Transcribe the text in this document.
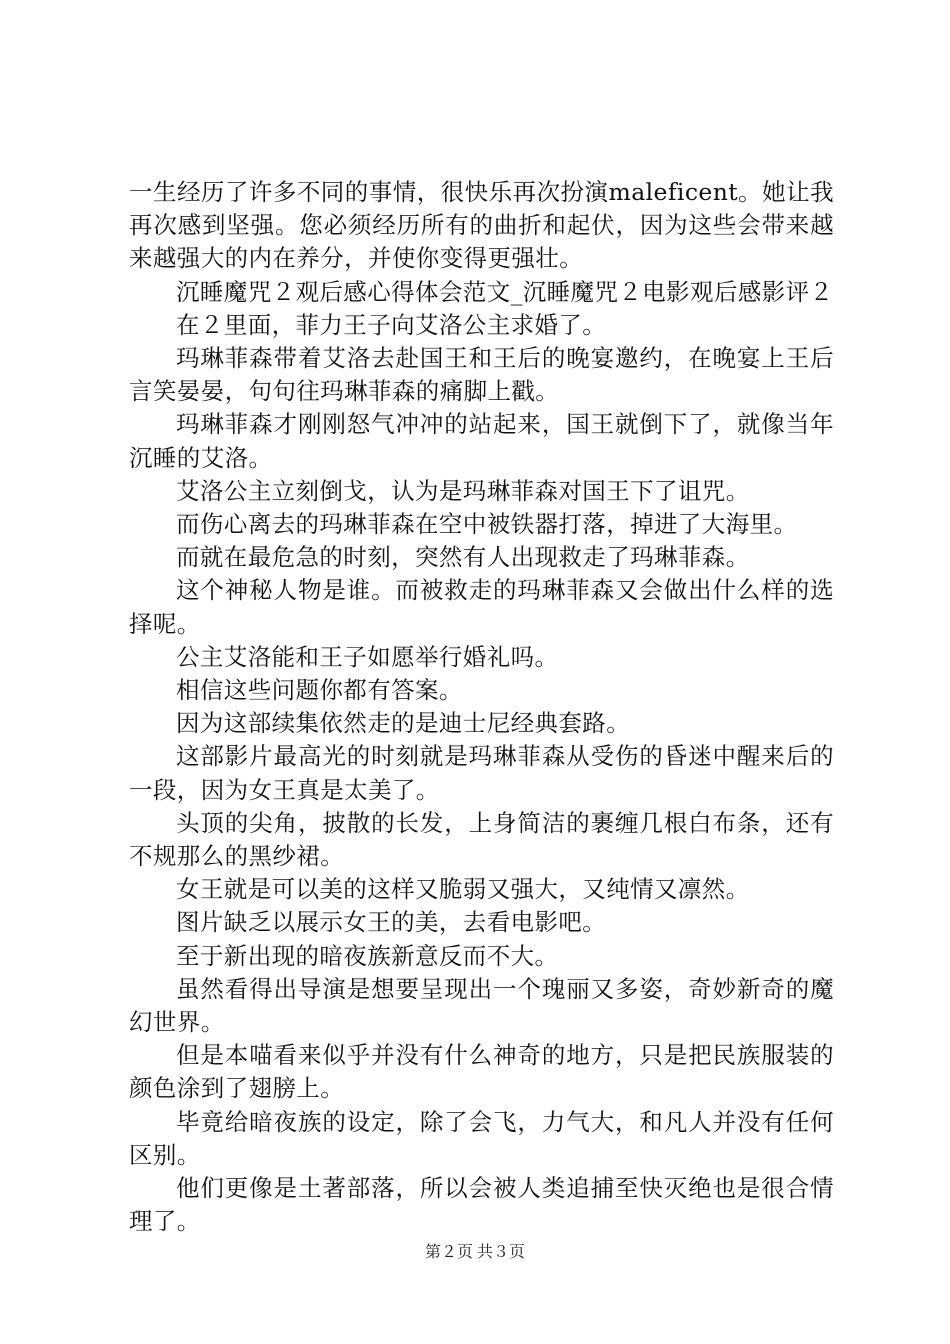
一生经历了许多不同的事情，很快乐再次扮演maleficent。她让我再次感到坚强。您必须经历所有的曲折和起伏，因为这些会带来越来越强大的内在养分，并使你变得更强壮。

沉睡魔咒２观后感心得体会范文_沉睡魔咒２电影观后感影评２

在２里面，菲力王子向艾洛公主求婚了。

玛琳菲森带着艾洛去赴国王和王后的晚宴邀约，在晚宴上王后言笑晏晏，句句往玛琳菲森的痛脚上戳。

玛琳菲森才刚刚怒气冲冲的站起来，国王就倒下了，就像当年沉睡的艾洛。

艾洛公主立刻倒戈，认为是玛琳菲森对国王下了诅咒。

而伤心离去的玛琳菲森在空中被铁器打落，掉进了大海里。

而就在最危急的时刻，突然有人出现救走了玛琳菲森。

这个神秘人物是谁。而被救走的玛琳菲森又会做出什么样的选择呢。

公主艾洛能和王子如愿举行婚礼吗。

相信这些问题你都有答案。

因为这部续集依然走的是迪士尼经典套路。

这部影片最高光的时刻就是玛琳菲森从受伤的昏迷中醒来后的一段，因为女王真是太美了。

头顶的尖角，披散的长发，上身简洁的裹缠几根白布条，还有不规那么的黑纱裙。

女王就是可以美的这样又脆弱又强大，又纯情又凛然。

图片缺乏以展示女王的美，去看电影吧。

至于新出现的暗夜族新意反而不大。

虽然看得出导演是想要呈现出一个瑰丽又多姿，奇妙新奇的魔幻世界。

但是本喵看来似乎并没有什么神奇的地方，只是把民族服装的颜色涂到了翅膀上。

毕竟给暗夜族的设定，除了会飞，力气大，和凡人并没有任何区别。

他们更像是土著部落，所以会被人类追捕至快灭绝也是很合情理了。

第２页 共３页
